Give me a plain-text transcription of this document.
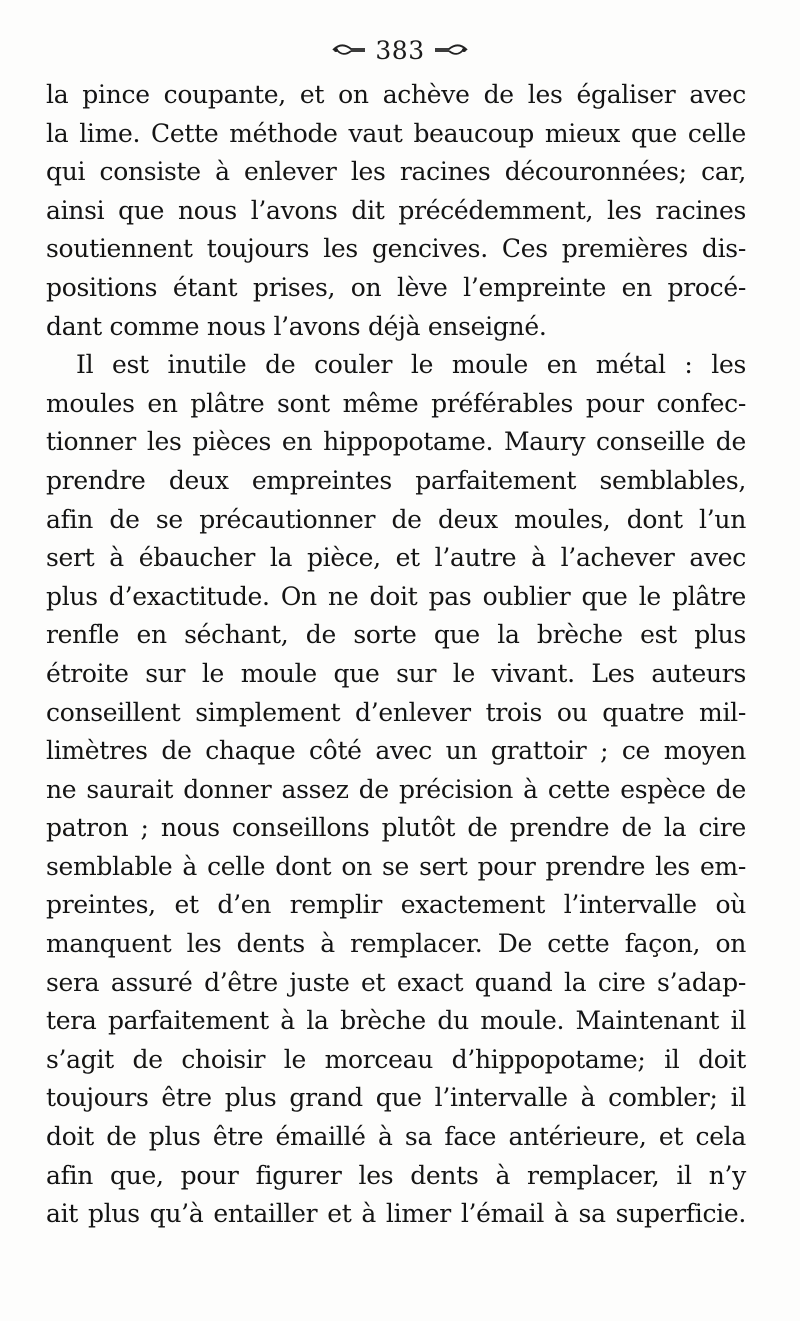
383
la pince coupante, et on achève de les égaliser avec
la lime. Cette méthode vaut beaucoup mieux que celle
qui consiste à enlever les racines découronnées; car,
ainsi que nous l’avons dit précédemment, les racines
soutiennent toujours les gencives. Ces premières dis-
positions étant prises, on lève l’empreinte en procé-
dant comme nous l’avons déjà enseigné.
Il est inutile de couler le moule en métal : les
moules en plâtre sont même préférables pour confec-
tionner les pièces en hippopotame. Maury conseille de
prendre deux empreintes parfaitement semblables,
afin de se précautionner de deux moules, dont l’un
sert à ébaucher la pièce, et l’autre à l’achever avec
plus d’exactitude. On ne doit pas oublier que le plâtre
renfle en séchant, de sorte que la brèche est plus
étroite sur le moule que sur le vivant. Les auteurs
conseillent simplement d’enlever trois ou quatre mil-
limètres de chaque côté avec un grattoir ; ce moyen
ne saurait donner assez de précision à cette espèce de
patron ; nous conseillons plutôt de prendre de la cire
semblable à celle dont on se sert pour prendre les em-
preintes, et d’en remplir exactement l’intervalle où
manquent les dents à remplacer. De cette façon, on
sera assuré d’être juste et exact quand la cire s’adap-
tera parfaitement à la brèche du moule. Maintenant il
s’agit de choisir le morceau d’hippopotame; il doit
toujours être plus grand que l’intervalle à combler; il
doit de plus être émaillé à sa face antérieure, et cela
afin que, pour figurer les dents à remplacer, il n’y
ait plus qu’à entailler et à limer l’émail à sa superficie.
